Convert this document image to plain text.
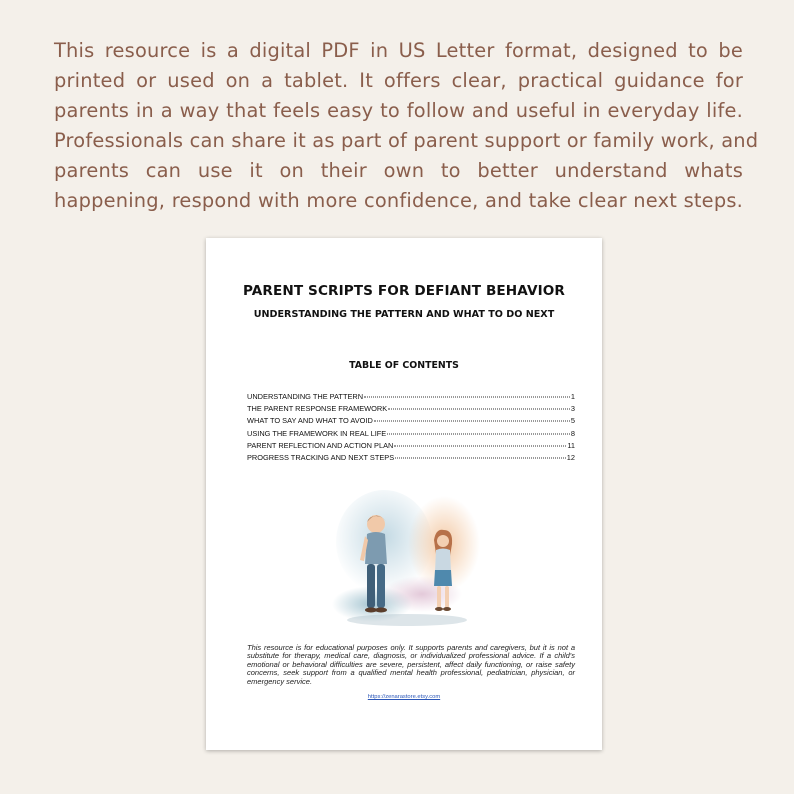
This resource is a digital PDF in US Letter format, designed to be
printed or used on a tablet. It offers clear, practical guidance for
parents in a way that feels easy to follow and useful in everyday life.
Professionals can share it as part of parent support or family work, and
parents can use it on their own to better understand whats
happening, respond with more confidence, and take clear next steps.

PARENT SCRIPTS FOR DEFIANT BEHAVIOR
UNDERSTANDING THE PATTERN AND WHAT TO DO NEXT
TABLE OF CONTENTS
UNDERSTANDING THE PATTERN	1
THE PARENT RESPONSE FRAMEWORK	3
WHAT TO SAY AND WHAT TO AVOID	5
USING THE FRAMEWORK IN REAL LIFE	8
PARENT REFLECTION AND ACTION PLAN	11
PROGRESS TRACKING AND NEXT STEPS	12

This resource is for educational purposes only. It supports parents and caregivers, but it is not a substitute for therapy, medical care, diagnosis, or individualized professional advice. If a child's emotional or behavioral difficulties are severe, persistent, affect daily functioning, or raise safety concerns, seek support from a qualified mental health professional, pediatrician, physician, or emergency service.

https://zenarastore.etsy.com
